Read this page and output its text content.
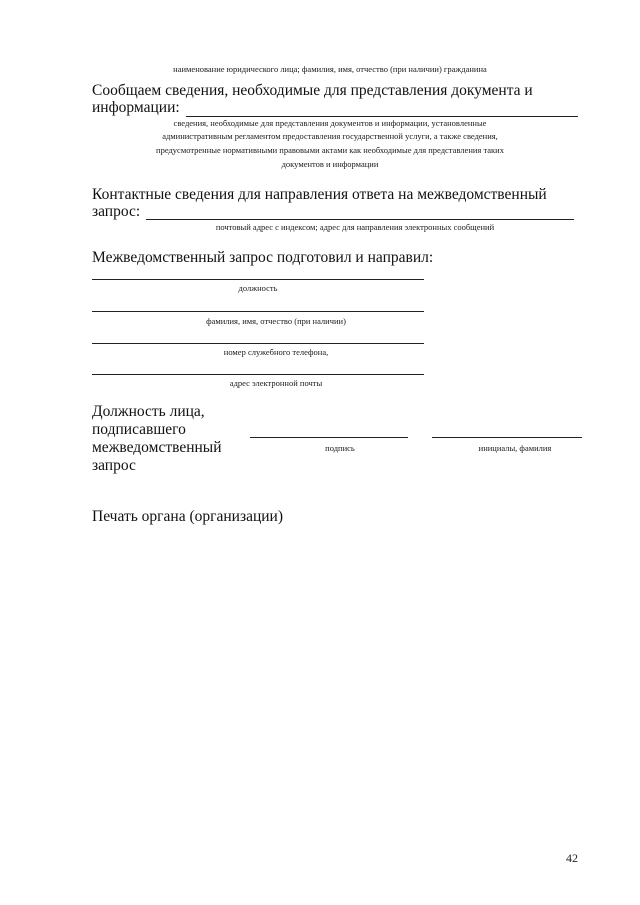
наименование юридического лица; фамилия, имя, отчество (при наличии) гражданина
Сообщаем сведения, необходимые для представления документа и
информации:
сведения, необходимые для представления документов и информации, установленные
административным регламентом предоставления государственной услуги, а также сведения,
предусмотренные нормативными правовыми актами как необходимые для представления таких
документов и информации
Контактные сведения для направления ответа на межведомственный
запрос:
почтовый адрес с индексом; адрес для направления электронных сообщений
Межведомственный запрос подготовил и направил:
должность
фамилия, имя, отчество (при наличии)
номер служебного телефона,
адрес электронной почты
Должность лица,
подписавшего
межведомственный
запрос
подпись	инициалы, фамилия
Печать органа (организации)
42
